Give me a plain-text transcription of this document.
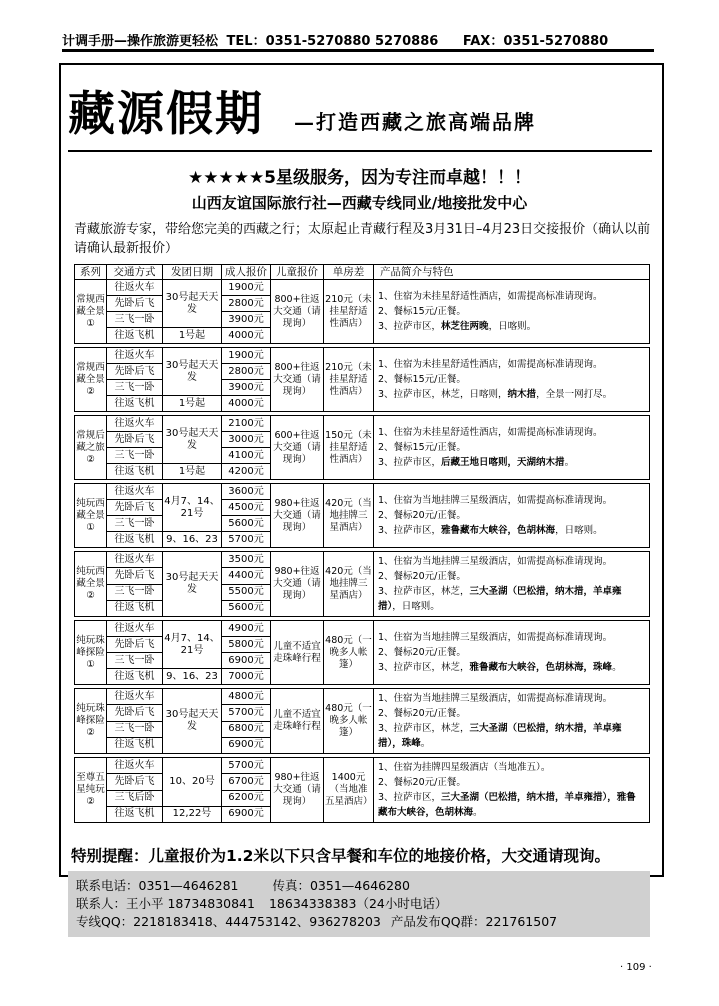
计调手册—操作旅游更轻松 TEL：0351-5270880 5270886 FAX：0351-5270880
藏源假期 —打造西藏之旅高端品牌
★★★★★5星级服务，因为专注而卓越！！！
山西友谊国际旅行社—西藏专线同业/地接批发中心
青藏旅游专家，带给您完美的西藏之行；太原起止青藏行程及3月31日–4月23日交接报价（确认以前请确认最新报价）
系列	交通方式	发团日期	成人报价	儿童报价	单房差	产品简介与特色
常规西藏全景①	往返火车	30号起天天发	1900元	800+往返大交通（请现询）	210元（未挂星舒适性酒店）	1、住宿为未挂星舒适性酒店，如需提高标准请现询。
2、餐标15元/正餐。
3、拉萨市区，林芝往两晚，日喀则。
	先卧后飞		2800元			
	三飞一卧		3900元			
	往返飞机	1号起	4000元			

常规西藏全景②	往返火车	30号起天天发	1900元	800+往返大交通（请现询）	210元（未挂星舒适性酒店）	1、住宿为未挂星舒适性酒店，如需提高标准请现询。
2、餐标15元/正餐。
3、拉萨市区，林芝，日喀则，纳木措，全景一网打尽。
	先卧后飞		2800元			
	三飞一卧		3900元			
	往返飞机	1号起	4000元			

常规后藏之旅②	往返火车	30号起天天发	2100元	600+往返大交通（请现询）	150元（未挂星舒适性酒店）	1、住宿为未挂星舒适性酒店，如需提高标准请现询。
2、餐标15元/正餐。
3、拉萨市区，后藏王地日喀则，天湖纳木措。
	先卧后飞		3000元			
	三飞一卧		4100元			
	往返飞机	1号起	4200元			

纯玩西藏全景①	往返火车	4月7、14、21号	3600元	980+往返大交通（请现询）	420元（当地挂牌三星酒店）	1、住宿为当地挂牌三星级酒店，如需提高标准请现询。
2、餐标20元/正餐。
3、拉萨市区，雅鲁藏布大峡谷，色胡林海，日喀则。
	先卧后飞		4500元			
	三飞一卧		5600元			
	往返飞机	9、16、23	5700元			

纯玩西藏全景②	往返火车	30号起天天发	3500元	980+往返大交通（请现询）	420元（当地挂牌三星酒店）	1、住宿为当地挂牌三星级酒店，如需提高标准请现询。
2、餐标20元/正餐。
3、拉萨市区，林芝，三大圣湖（巴松措，纳木措，羊卓雍措），日喀则。
	先卧后飞		4400元			
	三飞一卧		5500元			
	往返飞机		5600元			

纯玩珠峰探险①	往返火车	4月7、14、21号	4900元	儿童不适宜走珠峰行程	480元（一晚多人帐篷）	1、住宿为当地挂牌三星级酒店，如需提高标准请现询。
2、餐标20元/正餐。
3、拉萨市区，林芝，雅鲁藏布大峡谷，色胡林海，珠峰。
	先卧后飞		5800元			
	三飞一卧		6900元			
	往返飞机	9、16、23	7000元			

纯玩珠峰探险②	往返火车	30号起天天发	4800元	儿童不适宜走珠峰行程	480元（一晚多人帐篷）	1、住宿为当地挂牌三星级酒店，如需提高标准请现询。
2、餐标20元/正餐。
3、拉萨市区，林芝，三大圣湖（巴松措，纳木措，羊卓雍措），珠峰。
	先卧后飞		5700元			
	三飞一卧		6800元			
	往返飞机		6900元			

至尊五星纯玩②	往返火车	10、20号	5700元	980+往返大交通（请现询）	1400元（当地准五星酒店）	1、住宿为挂牌四星级酒店（当地准五）。
2、餐标20元/正餐。
3、拉萨市区，三大圣湖（巴松措，纳木措，羊卓雍措），雅鲁藏布大峡谷，色胡林海。
	先卧后飞		6700元			
	三飞后卧		6200元			
	往返飞机	12,22号	6900元			
特别提醒：儿童报价为1.2米以下只含早餐和车位的地接价格，大交通请现询。
联系电话：0351—4646281	传真：0351—4646280
联系人：王小平 18734830841 18634338383（24小时电话）
专线QQ：2218183418、444753142、936278203 产品发布QQ群：221761507
· 109 ·
